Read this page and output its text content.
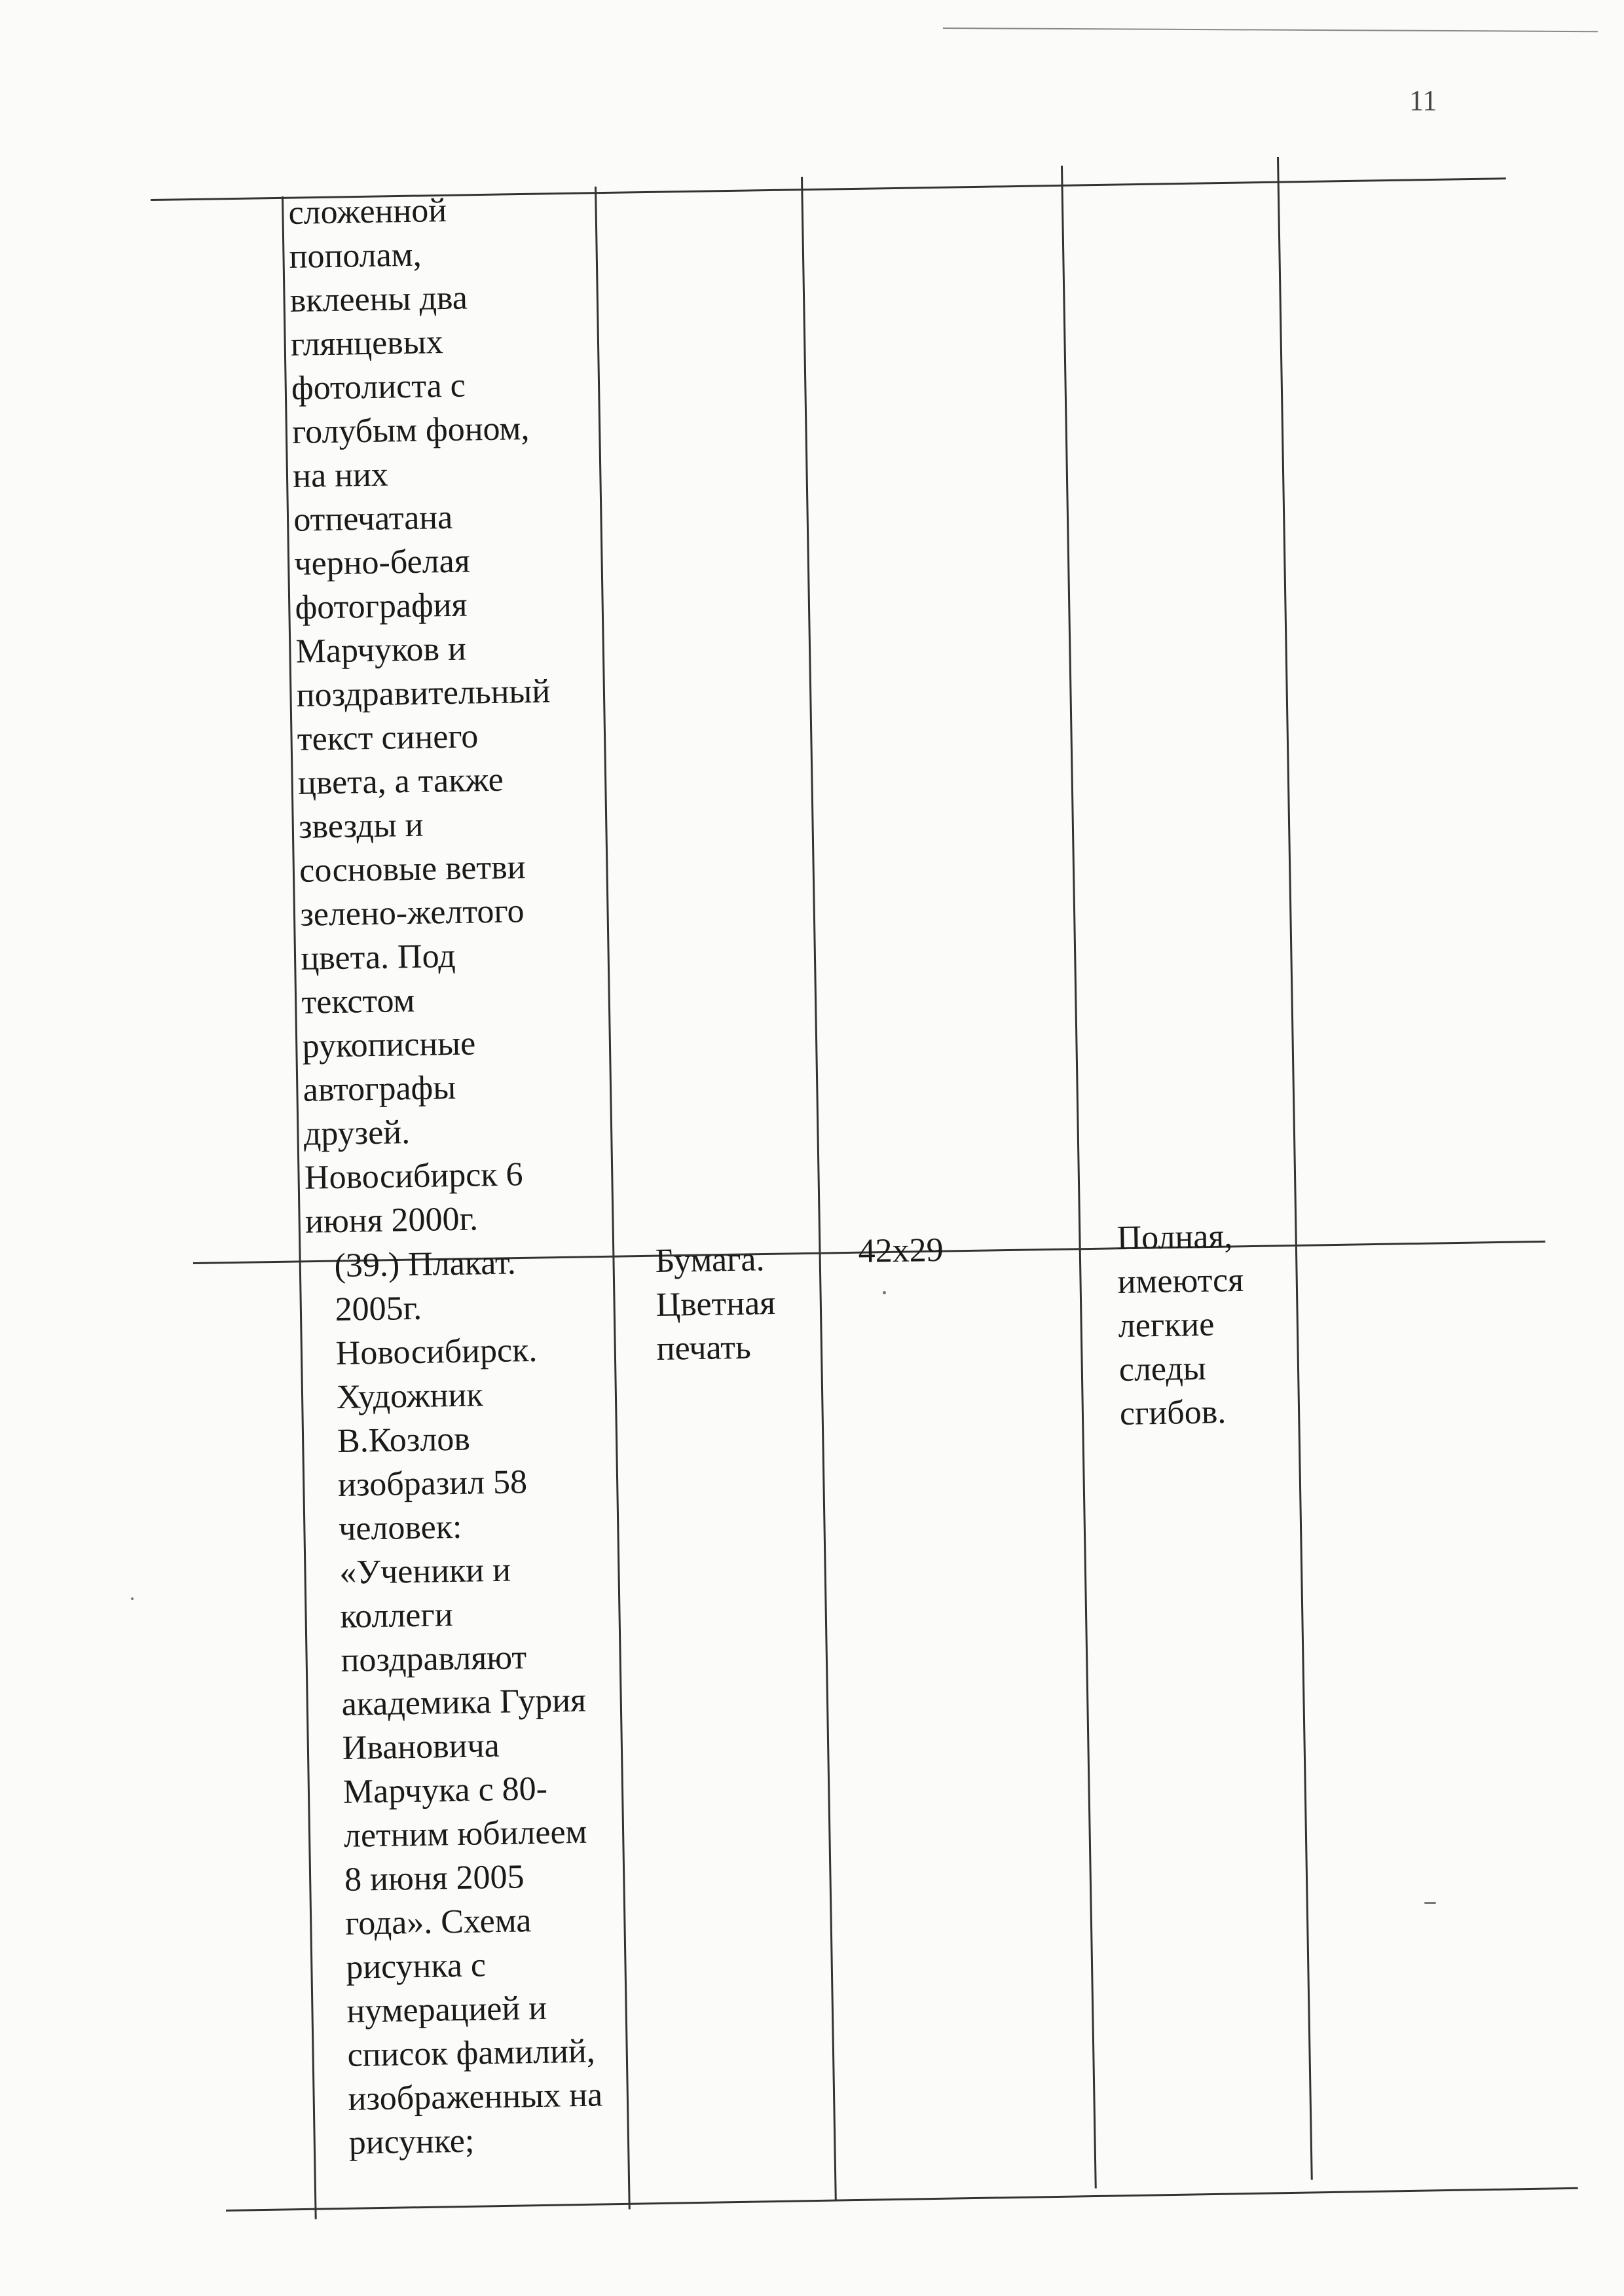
11
сложенной
пополам,
вклеены два
глянцевых
фотолиста с
голубым фоном,
на них
отпечатана
черно-белая
фотография
Марчуков и
поздравительный
текст синего
цвета, а также
звезды и
сосновые ветви
зелено-желтого
цвета. Под
текстом
рукописные
автографы
друзей.
Новосибирск 6
июня 2000г.
(39.) Плакат.
2005г.
Новосибирск.
Художник
В.Козлов
изобразил 58
человек:
«Ученики и
коллеги
поздравляют
академика Гурия
Ивановича
Марчука с 80-
летним юбилеем
8 июня 2005
года». Схема
рисунка с
нумерацией и
список фамилий,
изображенных на
рисунке;
Бумага.
Цветная
печать
42x29	Полная,
имеются
легкие
следы
сгибов.
